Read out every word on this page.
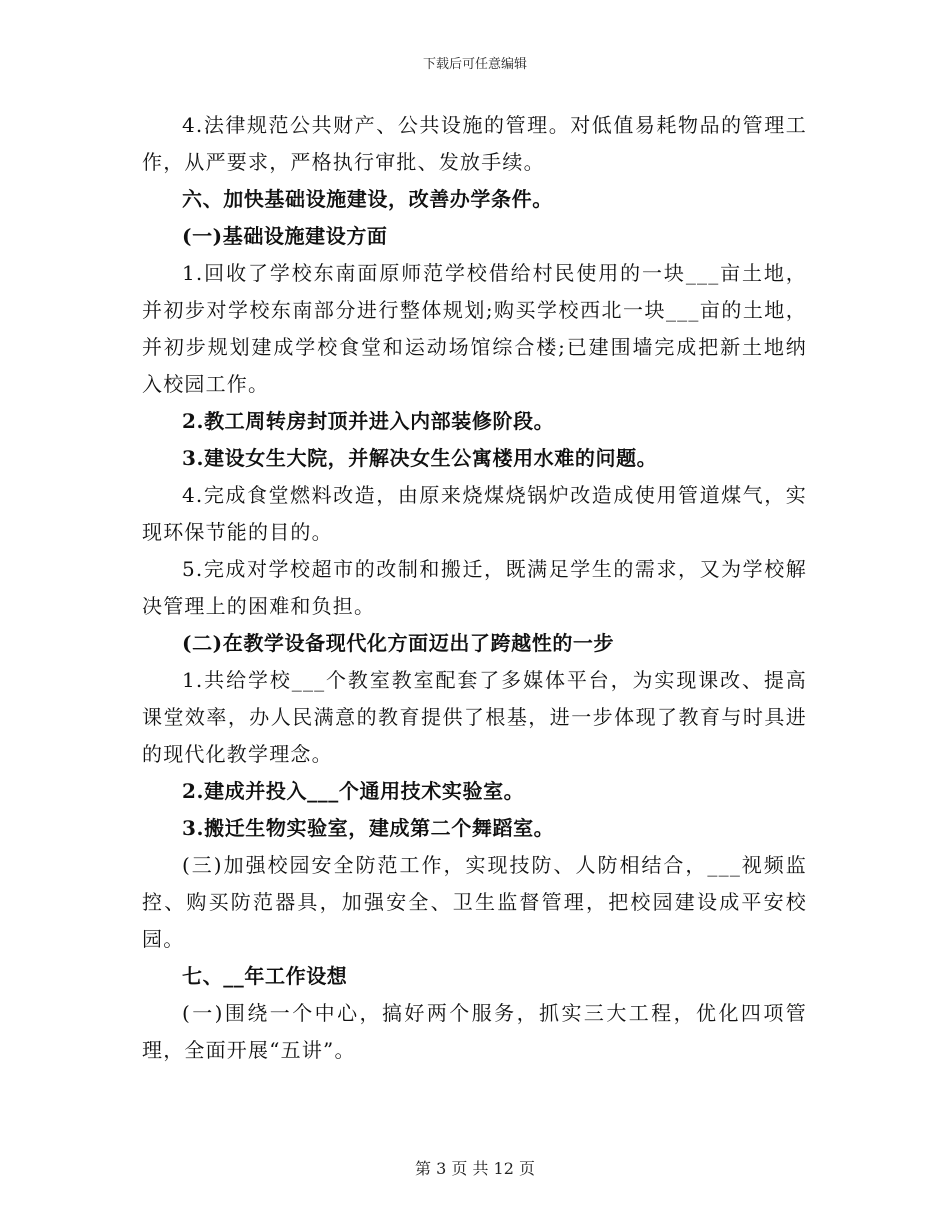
下载后可任意编辑

4.法律规范公共财产、公共设施的管理。对低值易耗物品的管理工作，从严要求，严格执行审批、发放手续。

六、加快基础设施建设，改善办学条件。

(一)基础设施建设方面

1.回收了学校东南面原师范学校借给村民使用的一块___亩土地，并初步对学校东南部分进行整体规划;购买学校西北一块___亩的土地，并初步规划建成学校食堂和运动场馆综合楼;已建围墙完成把新土地纳入校园工作。

2.教工周转房封顶并进入内部装修阶段。

3.建设女生大院，并解决女生公寓楼用水难的问题。

4.完成食堂燃料改造，由原来烧煤烧锅炉改造成使用管道煤气，实现环保节能的目的。

5.完成对学校超市的改制和搬迁，既满足学生的需求，又为学校解决管理上的困难和负担。

(二)在教学设备现代化方面迈出了跨越性的一步

1.共给学校___个教室教室配套了多媒体平台，为实现课改、提高课堂效率，办人民满意的教育提供了根基，进一步体现了教育与时具进的现代化教学理念。

2.建成并投入___个通用技术实验室。

3.搬迁生物实验室，建成第二个舞蹈室。

(三)加强校园安全防范工作，实现技防、人防相结合，___视频监控、购买防范器具，加强安全、卫生监督管理，把校园建设成平安校园。

七、__年工作设想

(一)围绕一个中心，搞好两个服务，抓实三大工程，优化四项管理，全面开展“五讲”。

第 3 页 共 12 页
